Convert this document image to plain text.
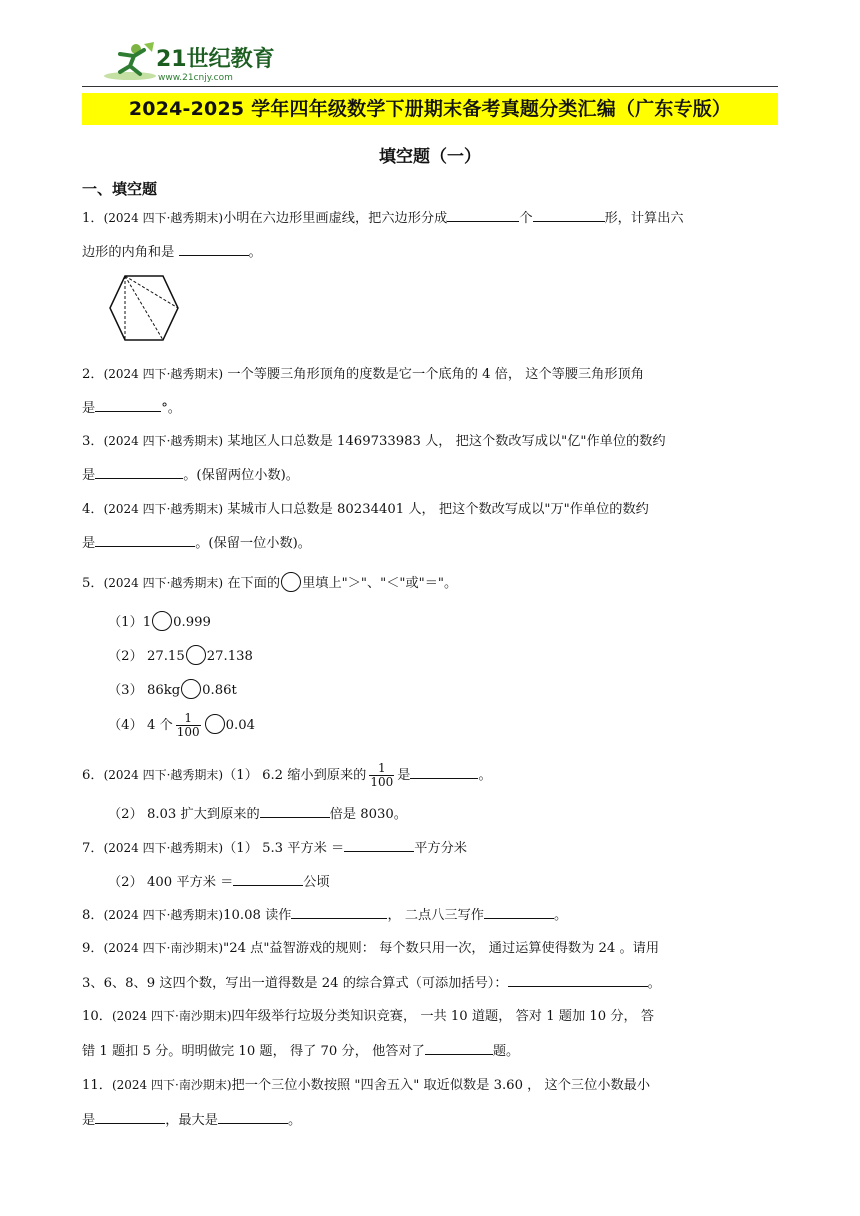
21世纪教育
www.21cnjy.com
2024-2025 学年四年级数学下册期末备考真题分类汇编（广东专版）
填空题（一）
一、填空题
1．(2024 四下·越秀期末)小明在六边形里画虚线，把六边形分成	个	形，计算出六
边形的内角和是	。
2．(2024 四下·越秀期末) 一个等腰三角形顶角的度数是它一个底角的 4 倍， 这个等腰三角形顶角
是	°。
3．(2024 四下·越秀期末) 某地区人口总数是 1469733983 人， 把这个数改写成以"亿"作单位的数约
是	。(保留两位小数)。
4．(2024 四下·越秀期末) 某城市人口总数是 80234401 人， 把这个数改写成以"万"作单位的数约
是	。(保留一位小数)。
5．(2024 四下·越秀期末) 在下面的 里填上"＞"、"＜"或"＝"。
（1）1 0.999
（2） 27.15 27.138
（3） 86kg 0.86t
（4） 4 个 $\frac{1}{100} 0.04$
6．(2024 四下·越秀期末)（1） 6.2 缩小到原来的 $\frac{1}{100}$ 是	。
（2） 8.03 扩大到原来的	倍是 8030。
7．(2024 四下·越秀期末)（1） 5.3 平方米 ＝	平方分米
（2） 400 平方米 ＝	公顷
8．(2024 四下·越秀期末)10.08 读作	， 二点八三写作	。
9．(2024 四下·南沙期末)"24 点"益智游戏的规则： 每个数只用一次， 通过运算使得数为 24 。请用
3、6、8、9 这四个数，写出一道得数是 24 的综合算式（可添加括号）：	。
10．(2024 四下·南沙期末)四年级举行垃圾分类知识竞赛， 一共 10 道题， 答对 1 题加 10 分， 答
错 1 题扣 5 分。明明做完 10 题， 得了 70 分， 他答对了	题。
11．(2024 四下·南沙期末)把一个三位小数按照 "四舍五入" 取近似数是 3.60 ， 这个三位小数最小
是	，最大是	。
